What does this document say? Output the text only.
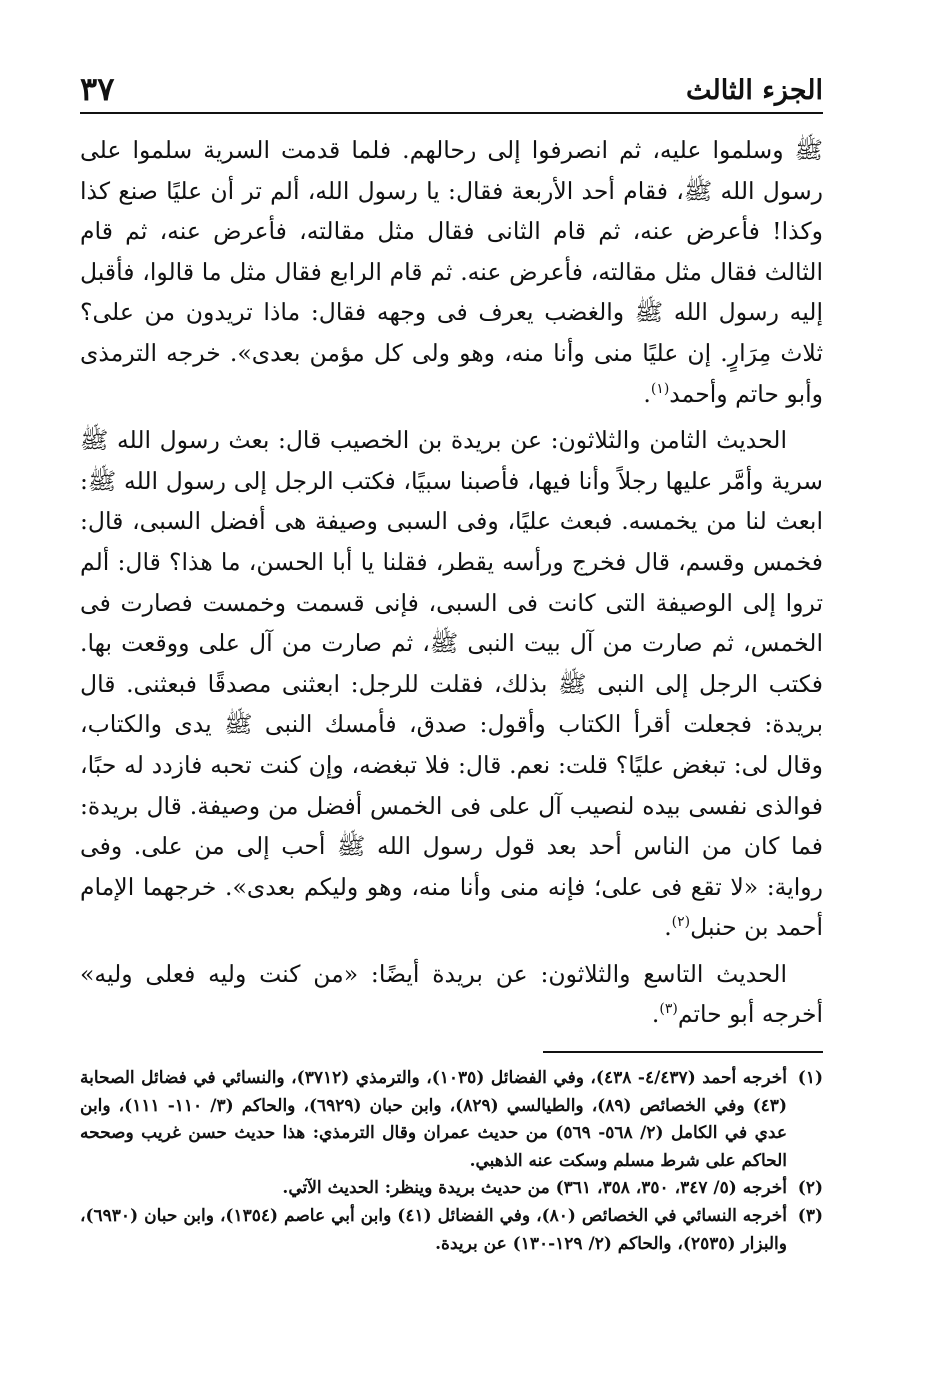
الجزء الثالث
٣٧

ﷺ وسلموا عليه، ثم انصرفوا إلى رحالهم. فلما قدمت السرية سلموا على رسول الله ﷺ، فقام أحد الأربعة فقال: يا رسول الله، ألم تر أن عليًا صنع كذا وكذا! فأعرض عنه، ثم قام الثانى فقال مثل مقالته، فأعرض عنه، ثم قام الثالث فقال مثل مقالته، فأعرض عنه. ثم قام الرابع فقال مثل ما قالوا، فأقبل إليه رسول الله ﷺ والغضب يعرف فى وجهه فقال: ماذا تريدون من على؟ ثلاث مِرَارٍ. إن عليًا منى وأنا منه، وهو ولى كل مؤمن بعدى». خرجه الترمذى وأبو حاتم وأحمد$^{(١)}$.

الحديث الثامن والثلاثون: عن بريدة بن الخصيب قال: بعث رسول الله ﷺ سرية وأمَّر عليها رجلاً وأنا فيها، فأصبنا سبيًا، فكتب الرجل إلى رسول الله ﷺ: ابعث لنا من يخمسه. فبعث عليًا، وفى السبى وصيفة هى أفضل السبى، قال: فخمس وقسم، قال فخرج ورأسه يقطر، فقلنا يا أبا الحسن، ما هذا؟ قال: ألم تروا إلى الوصيفة التى كانت فى السبى، فإنى قسمت وخمست فصارت فى الخمس، ثم صارت من آل بيت النبى ﷺ، ثم صارت من آل على ووقعت بها. فكتب الرجل إلى النبى ﷺ بذلك، فقلت للرجل: ابعثنى مصدقًا فبعثنى. قال بريدة: فجعلت أقرأ الكتاب وأقول: صدق، فأمسك النبى ﷺ يدى والكتاب، وقال لى: تبغض عليًا؟ قلت: نعم. قال: فلا تبغضه، وإن كنت تحبه فازدد له حبًا، فوالذى نفسى بيده لنصيب آل على فى الخمس أفضل من وصيفة. قال بريدة: فما كان من الناس أحد بعد قول رسول الله ﷺ أحب إلى من على. وفى رواية: «لا تقع فى على؛ فإنه منى وأنا منه، وهو وليكم بعدى». خرجهما الإمام أحمد بن حنبل$^{(٢)}$.

الحديث التاسع والثلاثون: عن بريدة أيضًا: «من كنت وليه فعلى وليه» أخرجه أبو حاتم$^{(٣)}$.

(١)
أخرجه أحمد (٤/٤٣٧- ٤٣٨)، وفي الفضائل (١٠٣٥)، والترمذي (٣٧١٢)، والنسائي في فضائل الصحابة (٤٣) وفي الخصائص (٨٩)، والطيالسي (٨٢٩)، وابن حبان (٦٩٢٩)، والحاكم (٣/ ١١٠- ١١١)، وابن عدي في الكامل (٢/ ٥٦٨- ٥٦٩) من حديث عمران وقال الترمذي: هذا حديث حسن غريب وصححه الحاكم على شرط مسلم وسكت عنه الذهبي.
(٢)
أخرجه (٥/ ٣٤٧، ٣٥٠، ٣٥٨، ٣٦١) من حديث بريدة وينظر: الحديث الآتي.
(٣)
أخرجه النسائي في الخصائص (٨٠)، وفي الفضائل (٤١) وابن أبي عاصم (١٣٥٤)، وابن حبان (٦٩٣٠)، والبزار (٢٥٣٥)، والحاكم (٢/ ١٢٩-١٣٠) عن بريدة.
